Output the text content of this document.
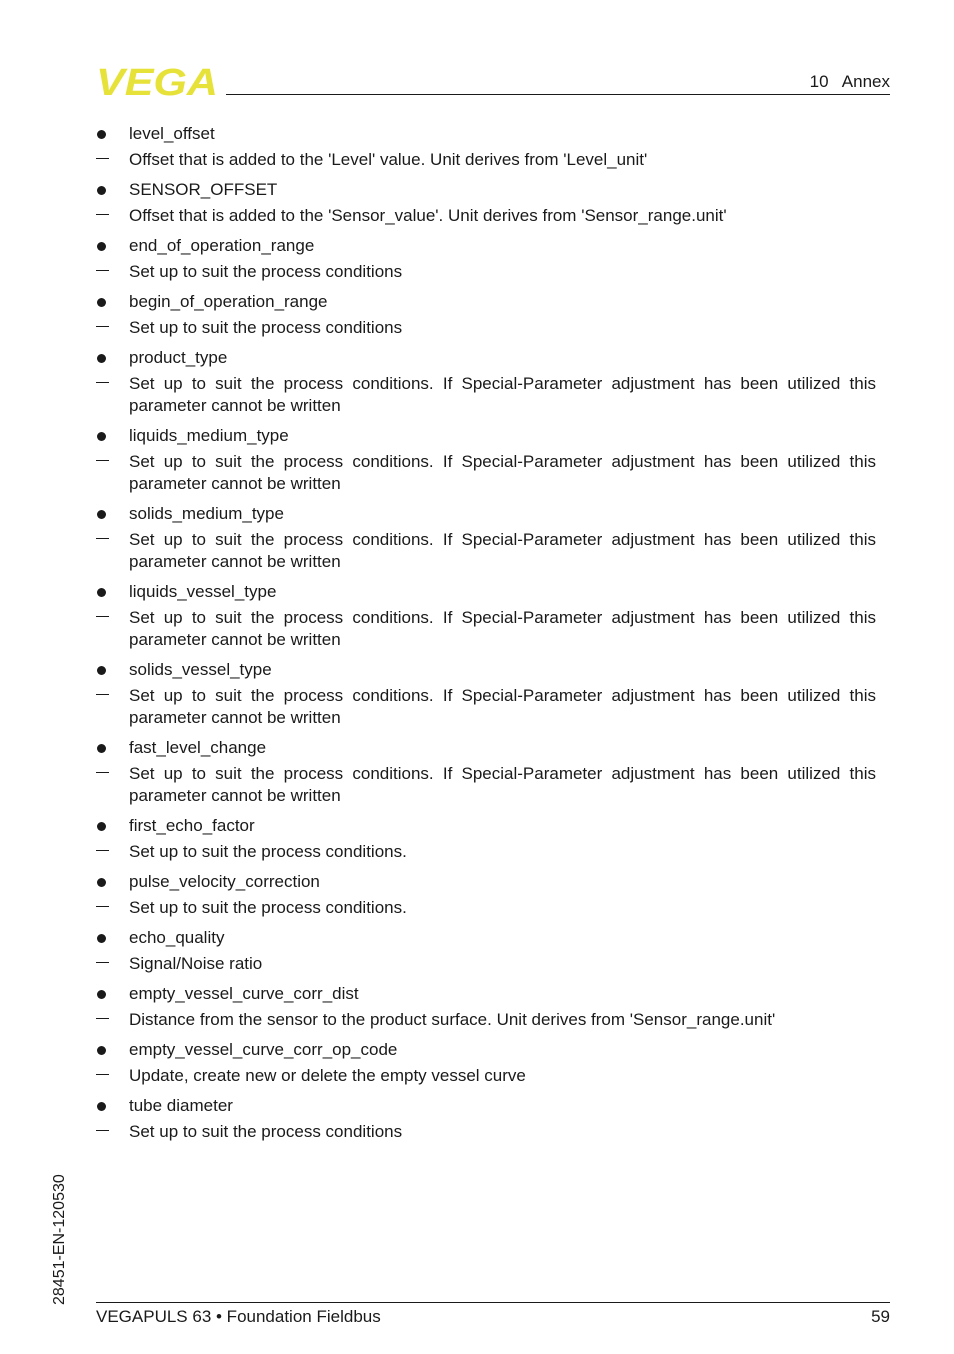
VEGA	10   Annex
level_offset
Offset that is added to the 'Level' value. Unit derives from 'Level_unit'
SENSOR_OFFSET
Offset that is added to the 'Sensor_value'. Unit derives from 'Sensor_range.unit'
end_of_operation_range
Set up to suit the process conditions
begin_of_operation_range
Set up to suit the process conditions
product_type
Set up to suit the process conditions. If Special-Parameter adjustment has been utilized this parameter cannot be written
liquids_medium_type
Set up to suit the process conditions. If Special-Parameter adjustment has been utilized this parameter cannot be written
solids_medium_type
Set up to suit the process conditions. If Special-Parameter adjustment has been utilized this parameter cannot be written
liquids_vessel_type
Set up to suit the process conditions. If Special-Parameter adjustment has been utilized this parameter cannot be written
solids_vessel_type
Set up to suit the process conditions. If Special-Parameter adjustment has been utilized this parameter cannot be written
fast_level_change
Set up to suit the process conditions. If Special-Parameter adjustment has been utilized this parameter cannot be written
first_echo_factor
Set up to suit the process conditions.
pulse_velocity_correction
Set up to suit the process conditions.
echo_quality
Signal/Noise ratio
empty_vessel_curve_corr_dist
Distance from the sensor to the product surface. Unit derives from 'Sensor_range.unit'
empty_vessel_curve_corr_op_code
Update, create new or delete the empty vessel curve
tube diameter
Set up to suit the process conditions
28451-EN-120530
VEGAPULS 63 • Foundation Fieldbus	59
